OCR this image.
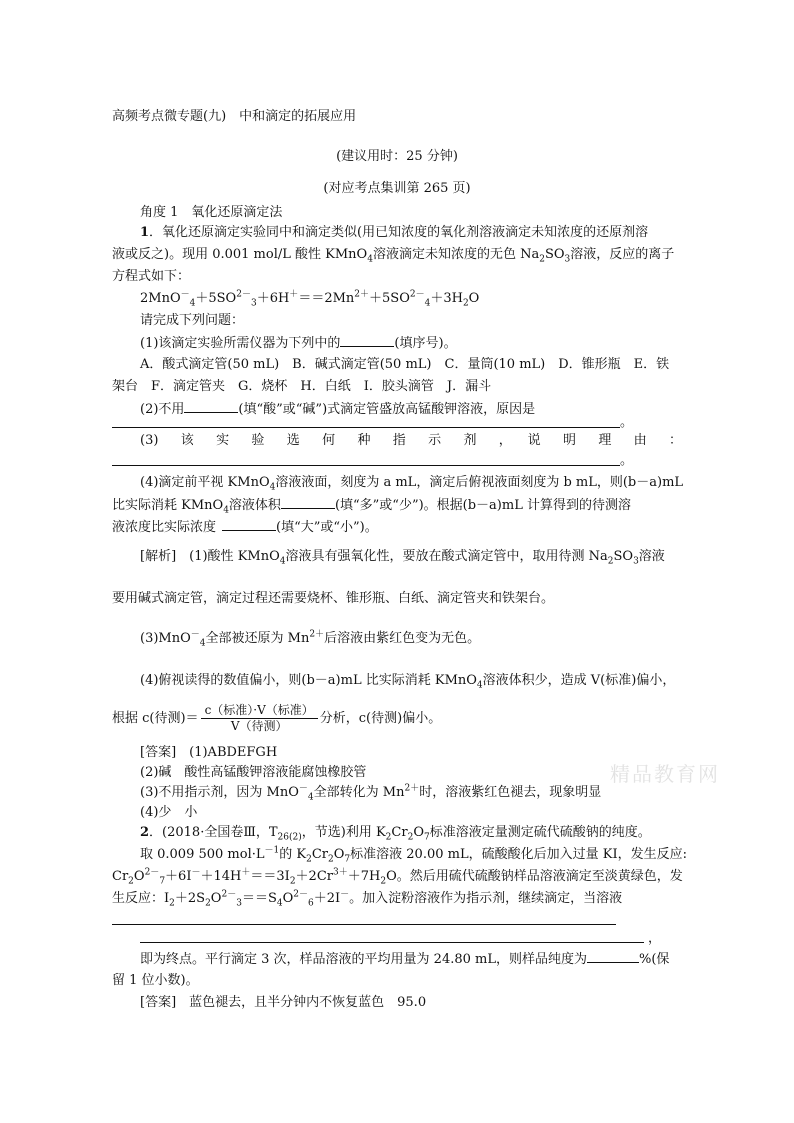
高频考点微专题(九)　中和滴定的拓展应用
(建议用时：25 分钟)
(对应考点集训第 265 页)
角度 1　氧化还原滴定法
1．氧化还原滴定实验同中和滴定类似(用已知浓度的氧化剂溶液滴定未知浓度的还原剂溶
液或反之)。现用 0.001 mol/L 酸性 KMnO$_4$溶液滴定未知浓度的无色 $Na_2SO_3$溶液，反应的离子
方程式如下：
$2MnO^-_4+5SO^{2-}_3+6H^+==2Mn^{2+}+5SO^{2-}_4+3H_2O$
请完成下列问题：
(1)该滴定实验所需仪器为下列中的	(填序号)。
A．酸式滴定管(50 mL)　B．碱式滴定管(50 mL)　C．量筒(10 mL)　D．锥形瓶　E．铁
架台　F．滴定管夹　G．烧杯　H．白纸　I．胶头滴管　J．漏斗
(2)不用	(填“酸”或“碱”)式滴定管盛放高锰酸钾溶液，原因是
。
(3)　该　实　验　选　何　种　指　示　剂　，　说　明　理　由　：
。
(4)滴定前平视 KMnO$_4$溶液液面，刻度为 a mL，滴定后俯视液面刻度为 b mL，则(b－a)mL
比实际消耗 KMnO$_4$溶液体积	(填“多”或“少”)。根据(b－a)mL 计算得到的待测溶
液浓度比实际浓度	(填“大”或“小”)。
[解析]　(1)酸性 KMnO$_4$溶液具有强氧化性，要放在酸式滴定管中，取用待测 $Na_2SO_3$溶液
要用碱式滴定管，滴定过程还需要烧杯、锥形瓶、白纸、滴定管夹和铁架台。
(3)MnO－$_4$全部被还原为 $Mn^{2+}$后溶液由紫红色变为无色。
(4)俯视读得的数值偏小，则(b－a)mL 比实际消耗 KMnO$_4$溶液体积少，造成 V(标准)偏小，
根据 c(待测)＝ $\frac{\text{c（标准）·V（标准）}}{\text{V（待测）}}$ 分析，c(待测)偏小。
[答案]　(1)ABDEFGH
(2)碱　酸性高锰酸钾溶液能腐蚀橡胶管
(3)不用指示剂，因为 MnO－$_4$全部转化为 $Mn^{2+}$时，溶液紫红色褪去，现象明显
(4)少　小
精品教育网
2．(2018·全国卷Ⅲ，$T_{26(2)}$，节选)利用 $K_2Cr_2O_7$标准溶液定量测定硫代硫酸钠的纯度。
取 0.009 500 $mol\cdot L^{-1}$的 $K_2Cr_2O_7$标准溶液 20.00 mL，硫酸酸化后加入过量 KI，发生反应:
$Cr_2O^{2-}_7+6I^-+14H^+==3I_2+2Cr^{3+}+7H_2O$。然后用硫代硫酸钠样品溶液滴定至淡黄绿色，发
生反应：$I_2+2S_2O^{2-}_3==S_4O^{2-}_6+2I^-$。加入淀粉溶液作为指示剂，继续滴定，当溶液
，
即为终点。平行滴定 3 次，样品溶液的平均用量为 24.80 mL，则样品纯度为	%(保
留 1 位小数)。
[答案]　蓝色褪去，且半分钟内不恢复蓝色　95.0
